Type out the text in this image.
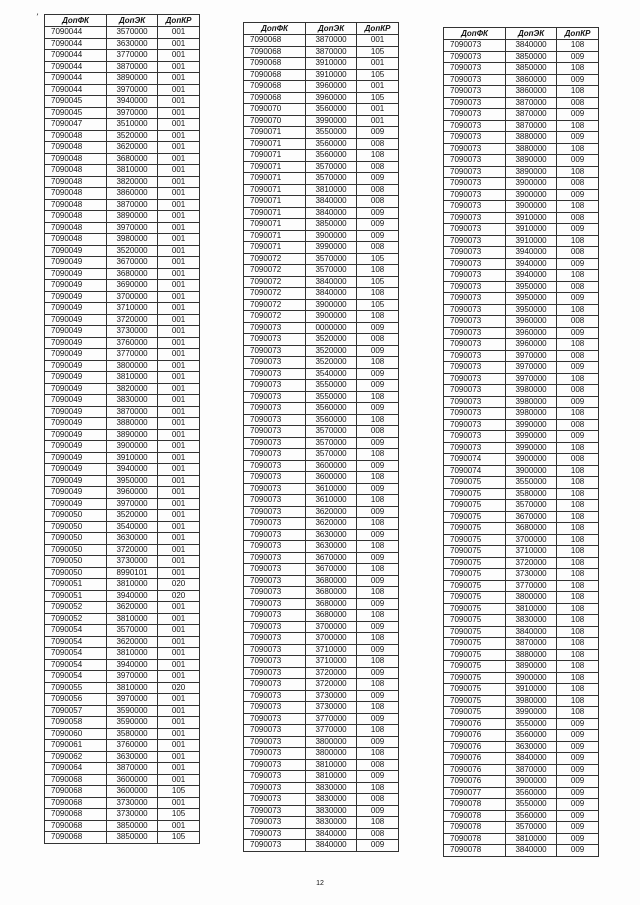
٬	ДопФК	ДопЭК	ДопКР
7090044	3570000	001
7090044	3630000	001
7090044	3770000	001
7090044	3870000	001
7090044	3890000	001
7090044	3970000	001
7090045	3940000	001
7090045	3970000	001
7090047	3510000	001
7090048	3520000	001
7090048	3620000	001
7090048	3680000	001
7090048	3810000	001
7090048	3820000	001
7090048	3860000	001
7090048	3870000	001
7090048	3890000	001
7090048	3970000	001
7090048	3980000	001
7090049	3520000	001
7090049	3670000	001
7090049	3680000	001
7090049	3690000	001
7090049	3700000	001
7090049	3710000	001
7090049	3720000	001
7090049	3730000	001
7090049	3760000	001
7090049	3770000	001
7090049	3800000	001
7090049	3810000	001
7090049	3820000	001
7090049	3830000	001
7090049	3870000	001
7090049	3880000	001
7090049	3890000	001
7090049	3900000	001
7090049	3910000	001
7090049	3940000	001
7090049	3950000	001
7090049	3960000	001
7090049	3970000	001
7090050	3520000	001
7090050	3540000	001
7090050	3630000	001
7090050	3720000	001
7090050	3730000	001
7090050	8990101	001
7090051	3810000	020
7090051	3940000	020
7090052	3620000	001
7090052	3810000	001
7090054	3570000	001
7090054	3620000	001
7090054	3810000	001
7090054	3940000	001
7090054	3970000	001
7090055	3810000	020
7090056	3970000	001
7090057	3590000	001
7090058	3590000	001
7090060	3580000	001
7090061	3760000	001
7090062	3630000	001
7090064	3870000	001
7090068	3600000	001
7090068	3600000	105
7090068	3730000	001
7090068	3730000	105
7090068	3850000	001
7090068	3850000	105
ДопФК	ДопЭК	ДопКР
7090068	3870000	001
7090068	3870000	105
7090068	3910000	001
7090068	3910000	105
7090068	3960000	001
7090068	3960000	105
7090070	3560000	001
7090070	3990000	001
7090071	3550000	009
7090071	3560000	008
7090071	3560000	108
7090071	3570000	008
7090071	3570000	009
7090071	3810000	008
7090071	3840000	008
7090071	3840000	009
7090071	3850000	009
7090071	3900000	009
7090071	3990000	008
7090072	3570000	105
7090072	3570000	108
7090072	3840000	105
7090072	3840000	108
7090072	3900000	105
7090072	3900000	108
7090073	0000000	009
7090073	3520000	008
7090073	3520000	009
7090073	3520000	108
7090073	3540000	009
7090073	3550000	009
7090073	3550000	108
7090073	3560000	009
7090073	3560000	108
7090073	3570000	008
7090073	3570000	009
7090073	3570000	108
7090073	3600000	009
7090073	3600000	108
7090073	3610000	009
7090073	3610000	108
7090073	3620000	009
7090073	3620000	108
7090073	3630000	009
7090073	3630000	108
7090073	3670000	009
7090073	3670000	108
7090073	3680000	009
7090073	3680000	108
7090073	3680000	009
7090073	3680000	108
7090073	3700000	009
7090073	3700000	108
7090073	3710000	009
7090073	3710000	108
7090073	3720000	009
7090073	3720000	108
7090073	3730000	009
7090073	3730000	108
7090073	3770000	009
7090073	3770000	108
7090073	3800000	009
7090073	3800000	108
7090073	3810000	008
7090073	3810000	009
7090073	3830000	108
7090073	3830000	008
7090073	3830000	009
7090073	3830000	108
7090073	3840000	008
7090073	3840000	009
ДопФК	ДопЭК	ДопКР
7090073	3840000	108
7090073	3850000	009
7090073	3850000	108
7090073	3860000	009
7090073	3860000	108
7090073	3870000	008
7090073	3870000	009
7090073	3870000	108
7090073	3880000	009
7090073	3880000	108
7090073	3890000	009
7090073	3890000	108
7090073	3900000	008
7090073	3900000	009
7090073	3900000	108
7090073	3910000	008
7090073	3910000	009
7090073	3910000	108
7090073	3940000	008
7090073	3940000	009
7090073	3940000	108
7090073	3950000	008
7090073	3950000	009
7090073	3950000	108
7090073	3960000	008
7090073	3960000	009
7090073	3960000	108
7090073	3970000	008
7090073	3970000	009
7090073	3970000	108
7090073	3980000	008
7090073	3980000	009
7090073	3980000	108
7090073	3990000	008
7090073	3990000	009
7090073	3990000	108
7090074	3900000	008
7090074	3900000	108
7090075	3550000	108
7090075	3580000	108
7090075	3570000	108
7090075	3670000	108
7090075	3680000	108
7090075	3700000	108
7090075	3710000	108
7090075	3720000	108
7090075	3730000	108
7090075	3770000	108
7090075	3800000	108
7090075	3810000	108
7090075	3830000	108
7090075	3840000	108
7090075	3870000	108
7090075	3880000	108
7090075	3890000	108
7090075	3900000	108
7090075	3910000	108
7090075	3980000	108
7090075	3990000	108
7090076	3550000	009
7090076	3560000	009
7090076	3630000	009
7090076	3840000	009
7090076	3870000	009
7090076	3900000	009
7090077	3560000	009
7090078	3550000	009
7090078	3560000	009
7090078	3570000	009
7090078	3810000	009
7090078	3840000	009
12
